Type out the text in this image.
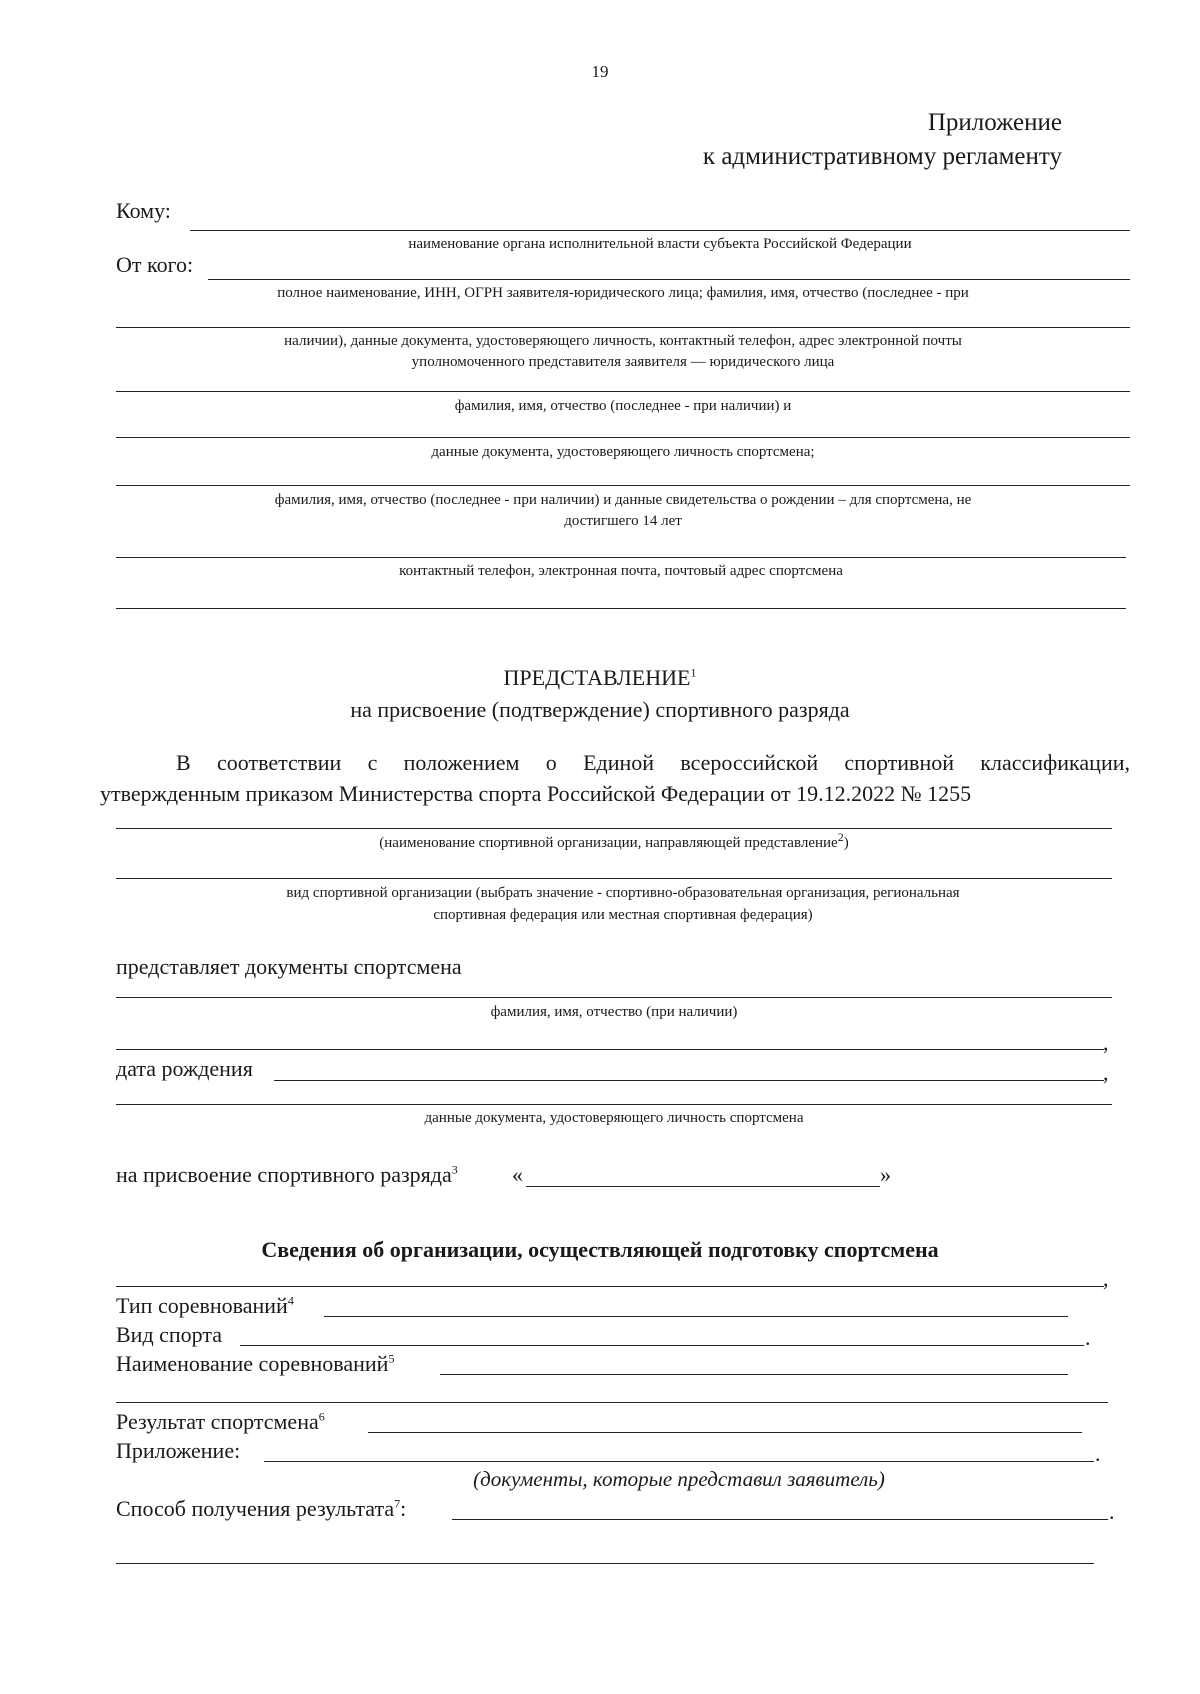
19
Приложение
к административному регламенту
Кому:
наименование органа исполнительной власти субъекта Российской Федерации
От кого:
полное наименование, ИНН, ОГРН заявителя-юридического лица; фамилия, имя, отчество (последнее - при
наличии), данные документа, удостоверяющего личность, контактный телефон, адрес электронной почты
уполномоченного представителя заявителя — юридического лица
фамилия, имя, отчество (последнее - при наличии) и
данные документа, удостоверяющего личность спортсмена;
фамилия, имя, отчество (последнее - при наличии) и данные свидетельства о рождении – для спортсмена, не
достигшего 14 лет
контактный телефон, электронная почта, почтовый адрес спортсмена
ПРЕДСТАВЛЕНИЕ$^1$
на присвоение (подтверждение) спортивного разряда
В соответствии с положением о Единой всероссийской спортивной классификации,
утвержденным приказом Министерства спорта Российской Федерации от 19.12.2022 № 1255
(наименование спортивной организации, направляющей представление$^2$)
вид спортивной организации (выбрать значение - спортивно-образовательная организация, региональная
спортивная федерация или местная спортивная федерация)
представляет документы спортсмена
фамилия, имя, отчество (при наличии)
,
дата рождения	,
данные документа, удостоверяющего личность спортсмена
на присвоение спортивного разряда$^3$ «	»
Сведения об организации, осуществляющей подготовку спортсмена
,
Тип соревнований$^4$
Вид спорта	.
Наименование соревнований$^5$
Результат спортсмена$^6$
Приложение:	.
(документы, которые представил заявитель)
Способ получения результата$^7$:	.
